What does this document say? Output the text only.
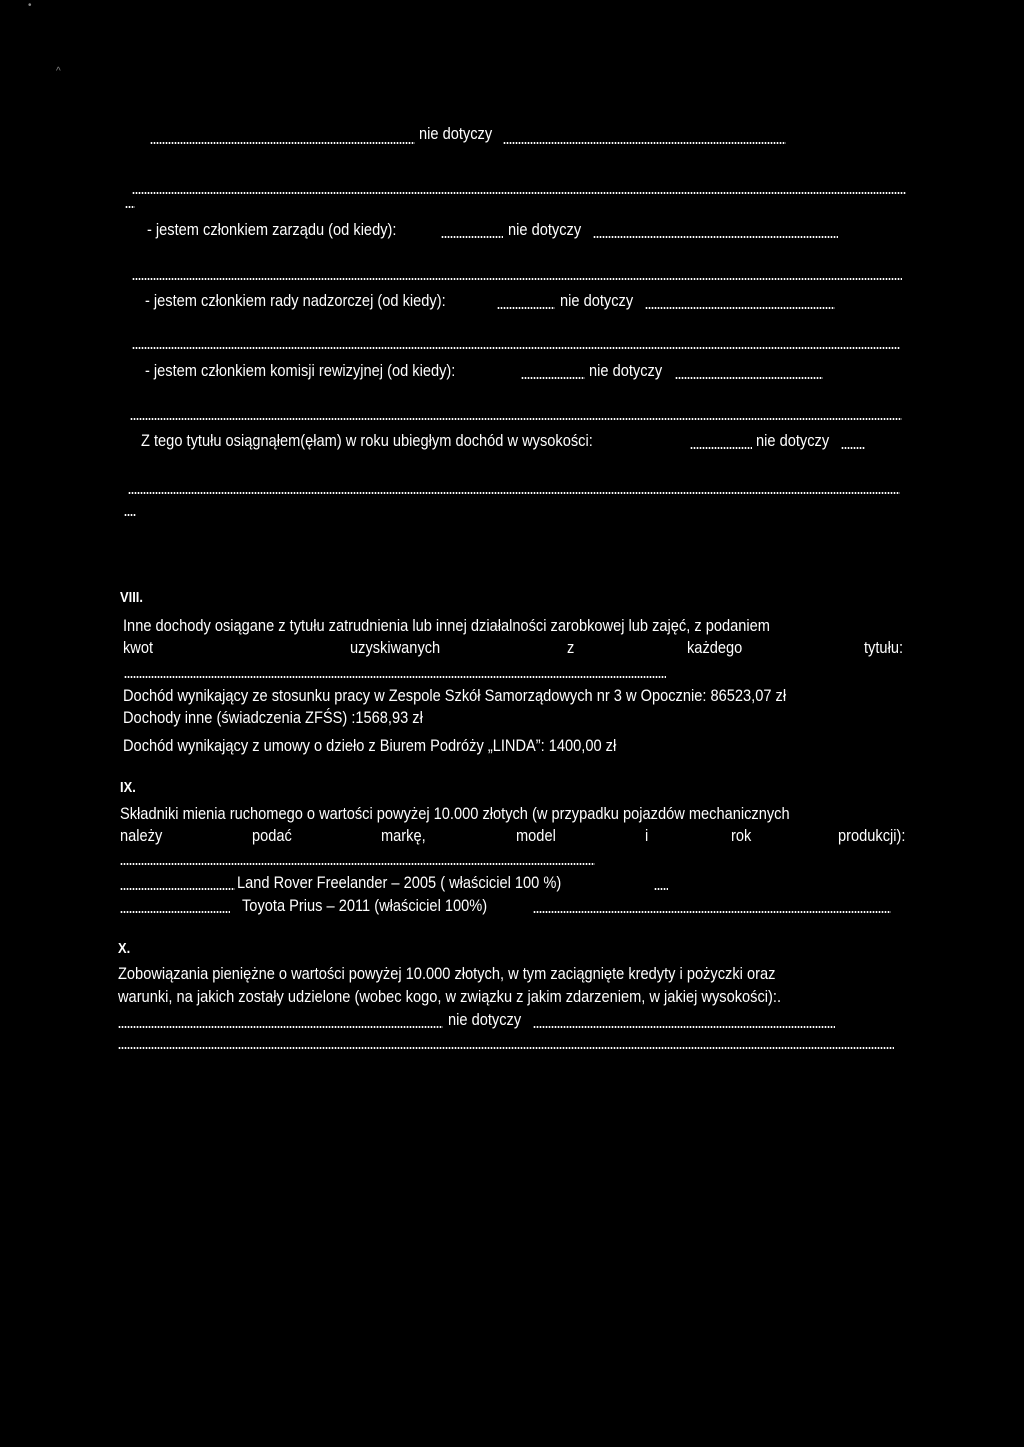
•
^
nie dotyczy
- jestem członkiem zarządu (od kiedy):	nie dotyczy
- jestem członkiem rady nadzorczej (od kiedy):	nie dotyczy
- jestem członkiem komisji rewizyjnej (od kiedy):	nie dotyczy
Z tego tytułu osiągnąłem(ęłam) w roku ubiegłym dochód w wysokości:	nie dotyczy
VIII.
Inne dochody osiągane z tytułu zatrudnienia lub innej działalności zarobkowej lub zajęć, z podaniem
kwot	uzyskiwanych	z	każdego	tytułu:
Dochód wynikający ze stosunku pracy w Zespole Szkół Samorządowych nr 3 w Opocznie: 86523,07 zł
Dochody inne (świadczenia ZFŚS) :1568,93 zł
Dochód wynikający z umowy o dzieło z Biurem Podróży „LINDA”: 1400,00 zł
IX.
Składniki mienia ruchomego o wartości powyżej 10.000 złotych (w przypadku pojazdów mechanicznych
należy	podać	markę,	model	i	rok	produkcji):
Land Rover Freelander – 2005 ( właściciel 100 %)
Toyota Prius – 2011 (właściciel 100%)
X.
Zobowiązania pieniężne o wartości powyżej 10.000 złotych, w tym zaciągnięte kredyty i pożyczki oraz
warunki, na jakich zostały udzielone (wobec kogo, w związku z jakim zdarzeniem, w jakiej wysokości):.
nie dotyczy
